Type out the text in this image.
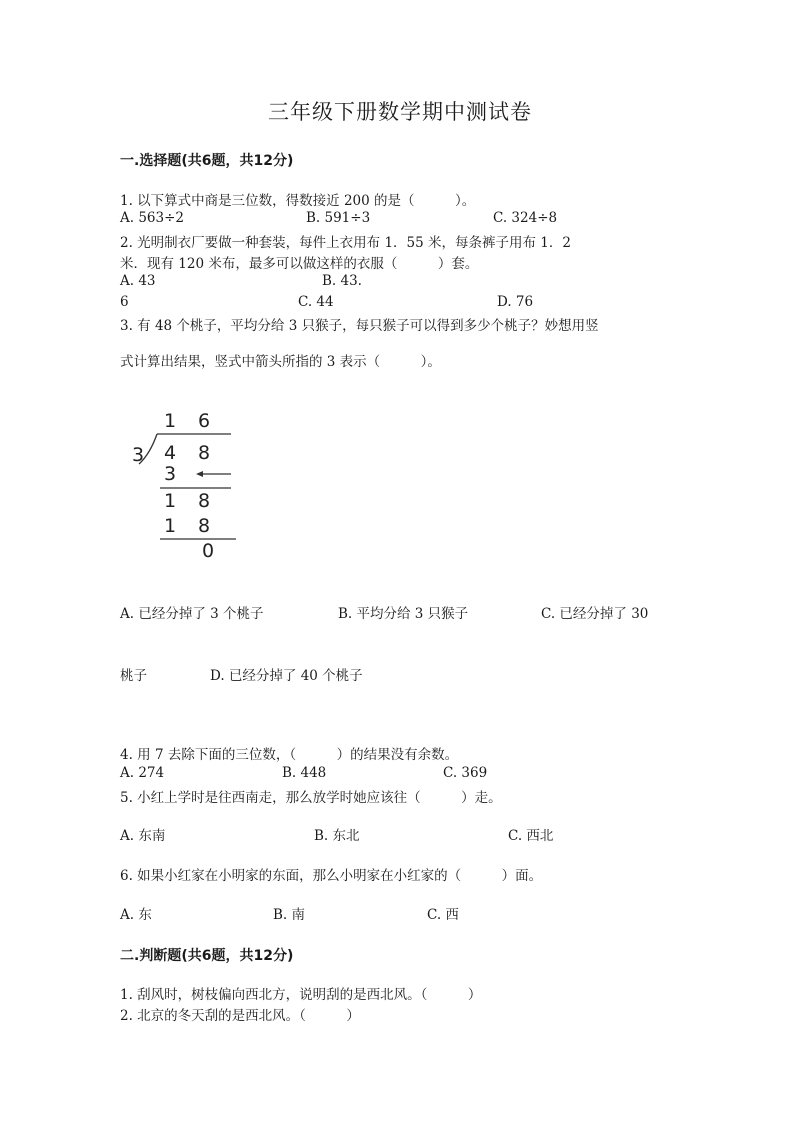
三年级下册数学期中测试卷
一.选择题(共6题，共12分)
1. 以下算式中商是三位数，得数接近 200 的是（　　　）。
A. 563÷2	B. 591÷3	C. 324÷8
2. 光明制衣厂要做一种套装，每件上衣用布 1．55 米，每条裤子用布 1．2
米．现有 120 米布，最多可以做这样的衣服（　　　）套。
A. 43	B. 43.
6	C. 44	D. 76
3. 有 48 个桃子，平均分给 3 只猴子，每只猴子可以得到多少个桃子？妙想用竖
式计算出结果，竖式中箭头所指的 3 表示（　　　）。
1 6
3 4 8
3
1 8
1 8
0
A. 已经分掉了 3 个桃子	B. 平均分给 3 只猴子	C. 已经分掉了 30
桃子	D. 已经分掉了 40 个桃子
4. 用 7 去除下面的三位数，（　　　）的结果没有余数。
A. 274	B. 448	C. 369
5. 小红上学时是往西南走，那么放学时她应该往（　　　）走。
A. 东南	B. 东北	C. 西北
6. 如果小红家在小明家的东面，那么小明家在小红家的（　　　）面。
A. 东	B. 南	C. 西
二.判断题(共6题，共12分)
1. 刮风时，树枝偏向西北方，说明刮的是西北风。（　　　）
2. 北京的冬天刮的是西北风。（　　　）
